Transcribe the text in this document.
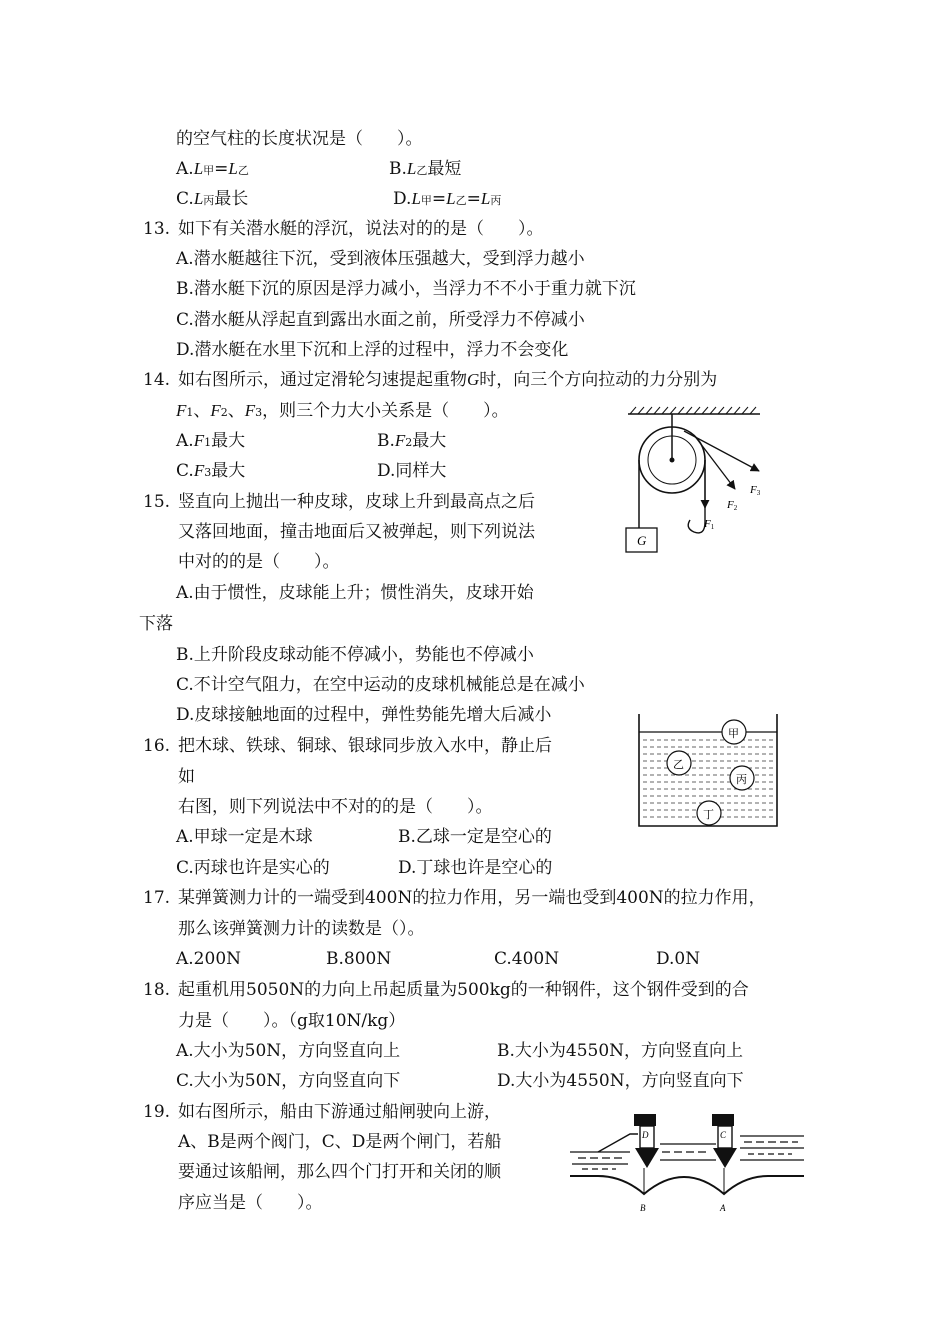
的空气柱的长度状况是（　　）。
A.L甲=L乙	B.L乙最短
C.L丙最长	D.L甲=L乙=L丙
13. 如下有关潜水艇的浮沉，说法对的的是（　　）。
A.潜水艇越往下沉，受到液体压强越大，受到浮力越小
B.潜水艇下沉的原因是浮力减小，当浮力不不小于重力就下沉
C.潜水艇从浮起直到露出水面之前，所受浮力不停减小
D.潜水艇在水里下沉和上浮的过程中，浮力不会变化
14. 如右图所示，通过定滑轮匀速提起重物G时，向三个方向拉动的力分别为
F1、F2、F3，则三个力大小关系是（　　）。
A.F1最大	B.F2最大
C.F3最大	D.同样大
G
F1
F2
F3
15. 竖直向上抛出一种皮球，皮球上升到最高点之后
又落回地面，撞击地面后又被弹起，则下列说法
中对的的是（　　）。
A.由于惯性，皮球能上升；惯性消失，皮球开始
下落
B.上升阶段皮球动能不停减小，势能也不停减小
C.不计空气阻力，在空中运动的皮球机械能总是在减小
D.皮球接触地面的过程中，弹性势能先增大后减小
甲
乙
丙
丁
16. 把木球、铁球、铜球、银球同步放入水中，静止后
如
右图，则下列说法中不对的的是（　　）。
A.甲球一定是木球	B.乙球一定是空心的
C.丙球也许是实心的	D.丁球也许是空心的
17. 某弹簧测力计的一端受到400N的拉力作用，另一端也受到400N的拉力作用，
那么该弹簧测力计的读数是（）。
A.200N	B.800N	C.400N	D.0N
18. 起重机用5050N的力向上吊起质量为500kg的一种钢件，这个钢件受到的合
力是（　　）。（g取10N/kg）
A.大小为50N，方向竖直向上	B.大小为4550N，方向竖直向上
C.大小为50N，方向竖直向下	D.大小为4550N，方向竖直向下
19. 如右图所示，船由下游通过船闸驶向上游，
A、B是两个阀门，C、D是两个闸门，若船
要通过该船闸，那么四个门打开和关闭的顺
序应当是（　　）。
D	C
B	A
